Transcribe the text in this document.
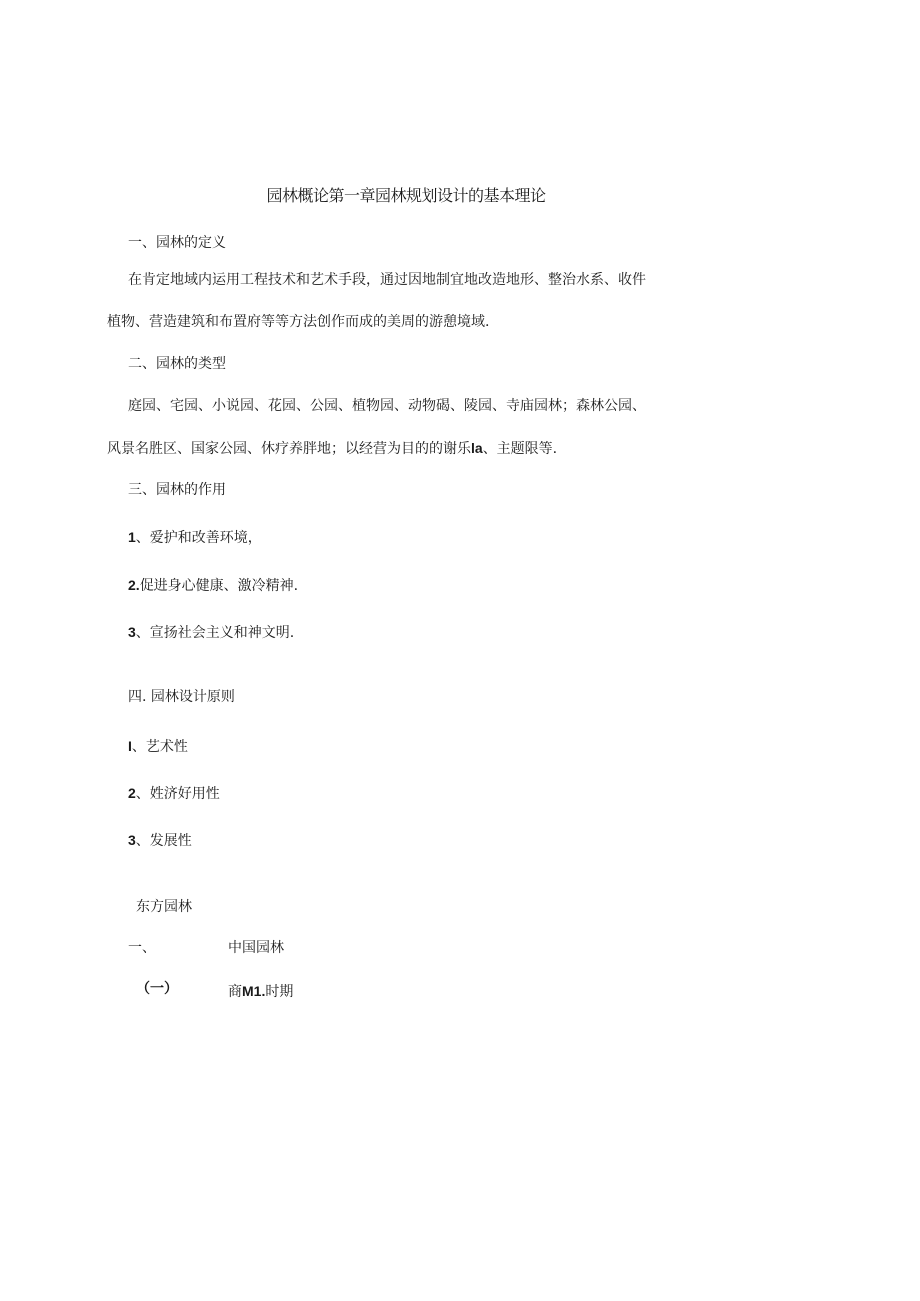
园林概论第一章园林规划设计的基本理论
一、园林的定义
在肯定地域内运用工程技术和艺术手段，通过因地制宜地改造地形、整治水系、收件
植物、营造建筑和布置府等等方法创作而成的美周的游憩境域.
二、园林的类型
庭园、宅园、小说园、花园、公园、植物园、动物碣、陵园、寺庙园林；森林公园、
风景名胜区、国家公园、休疗养胖地；以经营为目的的谢乐la、主题限等.
三、园林的作用
1、爱护和改善环境，
2.促进身心健康、激冷精神.
3、宣扬社会主义和神文明.
四. 园林设计原则
I、艺术性
2、姓济好用性
3、发展性
东方园林
一、	中国园林
（一）	商M1.时期
